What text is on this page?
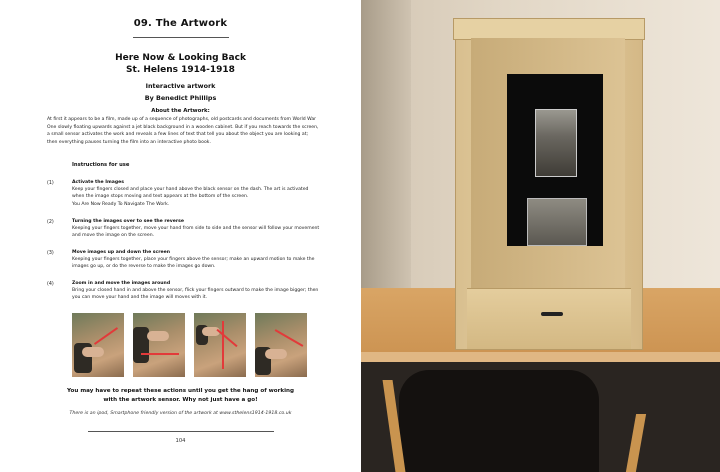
09. The Artwork
Here Now & Looking Back
St. Helens 1914-1918
Interactive artwork
By Benedict Phillips
About the Artwork:
At first it appears to be a film, made up of a sequence of photographs, old postcards and documents from World War One slowly floating upwards against a jet black background in a wooden cabinet. But if you reach towards the screen, a small sensor activates the work and reveals a few lines of text that tell you about the object you are looking at; then everything pauses turning the film into an interactive photo book.
Instructions for use
(1)	Activate the Images
Keep your fingers closed and place your hand above the black sensor on the dash. The art is activated when the image stops moving and text appears at the bottom of the screen.
You Are Now Ready To Navigate The Work.
(2)	Turning the images over to see the reverse
Keeping your fingers together, move your hand from side to side and the sensor will follow your movement and move the image on the screen.
(3)	Move images up and down the screen
Keeping your fingers together, place your fingers above the sensor; make an upward motion to make the images go up, or do the reverse to make the images go down.
(4)	Zoom in and move the images around
Bring your closed hand in and above the sensor, flick your fingers outward to make the image bigger; then you can move your hand and the image will moves with it.
You may have to repeat these actions until you get the hang of working
with the artwork sensor. Why not just have a go!
There is an ipod, Smartphone friendly version of the artwork at www.sthelens1914-1918.co.uk
104
